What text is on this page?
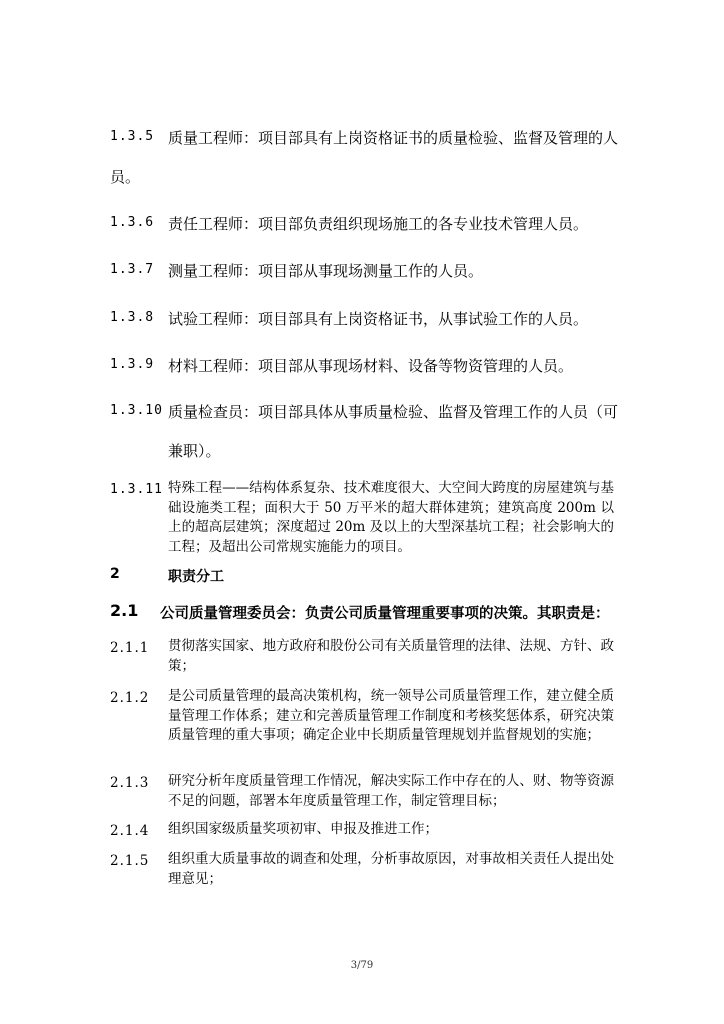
1.3.5 质量工程师：项目部具有上岗资格证书的质量检验、监督及管理的人
员。
1.3.6 责任工程师：项目部负责组织现场施工的各专业技术管理人员。
1.3.7 测量工程师：项目部从事现场测量工作的人员。
1.3.8 试验工程师：项目部具有上岗资格证书，从事试验工作的人员。
1.3.9 材料工程师：项目部从事现场材料、设备等物资管理的人员。
1.3.10 质量检查员：项目部具体从事质量检验、监督及管理工作的人员（可
兼职）。
1.3.11 特殊工程——结构体系复杂、技术难度很大、大空间大跨度的房屋建筑与基础设施类工程；面积大于 50 万平米的超大群体建筑；建筑高度 200m 以上的超高层建筑；深度超过 20m 及以上的大型深基坑工程；社会影响大的工程；及超出公司常规实施能力的项目。
2	职责分工
2.1 公司质量管理委员会：负责公司质量管理重要事项的决策。其职责是：
2.1.1 贯彻落实国家、地方政府和股份公司有关质量管理的法律、法规、方针、政策；
2.1.2 是公司质量管理的最高决策机构，统一领导公司质量管理工作，建立健全质量管理工作体系；建立和完善质量管理工作制度和考核奖惩体系，研究决策质量管理的重大事项；确定企业中长期质量管理规划并监督规划的实施；
2.1.3 研究分析年度质量管理工作情况，解决实际工作中存在的人、财、物等资源不足的问题，部署本年度质量管理工作，制定管理目标；
2.1.4 组织国家级质量奖项初审、申报及推进工作；
2.1.5 组织重大质量事故的调查和处理，分析事故原因，对事故相关责任人提出处理意见；
3/79
